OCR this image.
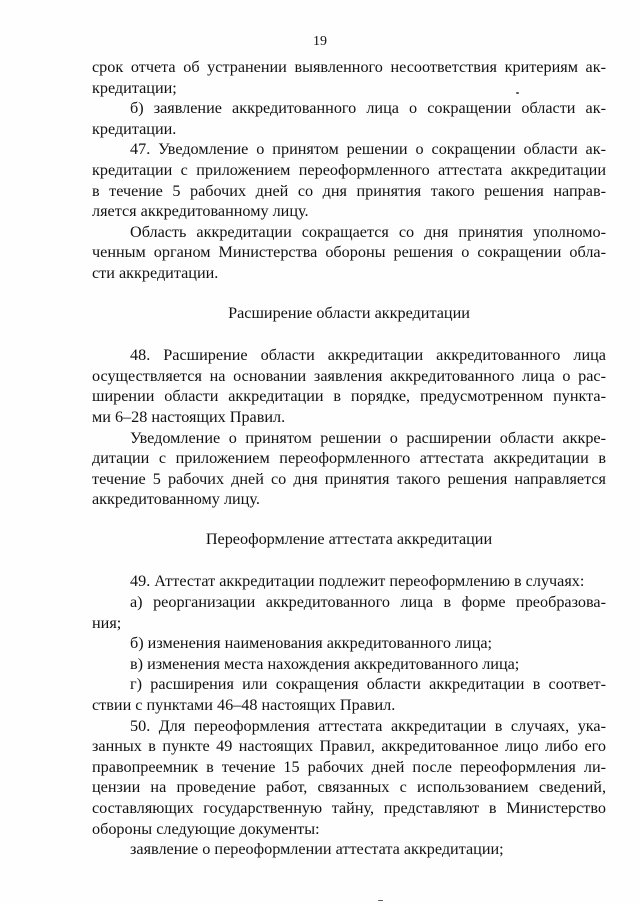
19
срок отчета об устранении выявленного несоответствия критериям ак-
кредитации;
б) заявление аккредитованного лица о сокращении области ак-
кредитации.
47. Уведомление о принятом решении о сокращении области ак-
кредитации с приложением переоформленного аттестата аккредитации
в течение 5 рабочих дней со дня принятия такого решения направ-
ляется аккредитованному лицу.
Область аккредитации сокращается со дня принятия уполномо-
ченным органом Министерства обороны решения о сокращении обла-
сти аккредитации.
Расширение области аккредитации
48. Расширение области аккредитации аккредитованного лица
осуществляется на основании заявления аккредитованного лица о рас-
ширении области аккредитации в порядке, предусмотренном пункта-
ми 6–28 настоящих Правил.
Уведомление о принятом решении о расширении области аккре-
дитации с приложением переоформленного аттестата аккредитации в
течение 5 рабочих дней со дня принятия такого решения направляется
аккредитованному лицу.
Переоформление аттестата аккредитации
49. Аттестат аккредитации подлежит переоформлению в случаях:
а) реорганизации аккредитованного лица в форме преобразова-
ния;
б) изменения наименования аккредитованного лица;
в) изменения места нахождения аккредитованного лица;
г) расширения или сокращения области аккредитации в соответ-
ствии с пунктами 46–48 настоящих Правил.
50. Для переоформления аттестата аккредитации в случаях, ука-
занных в пункте 49 настоящих Правил, аккредитованное лицо либо его
правопреемник в течение 15 рабочих дней после переоформления ли-
цензии на проведение работ, связанных с использованием сведений,
составляющих государственную тайну, представляют в Министерство
обороны следующие документы:
заявление о переоформлении аттестата аккредитации;
